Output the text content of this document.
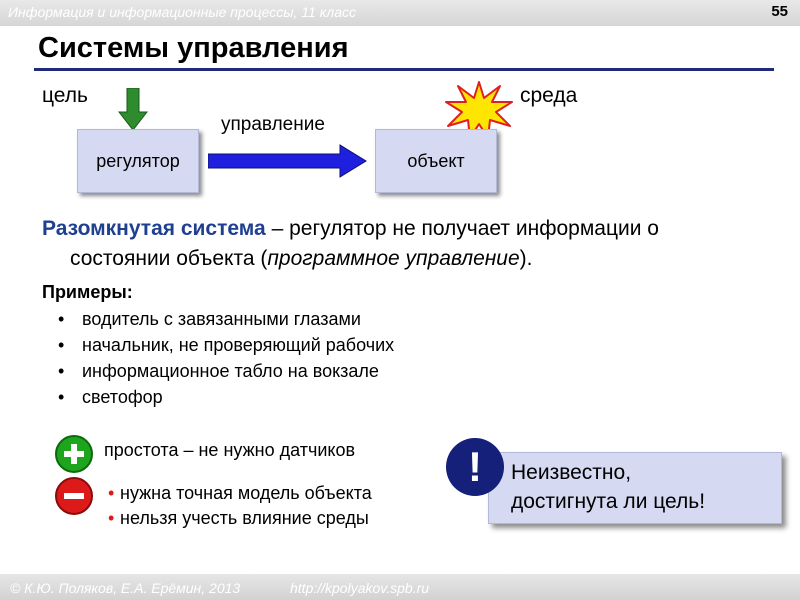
Информация и информационные процессы, 11 класс	55
Системы управления
цель	среда
регулятор
управление
объект
Разомкнутая система – регулятор не получает информации о
состоянии объекта (программное управление).
Примеры:
• водитель с завязанными глазами
• начальник, не проверяющий рабочих
• информационное табло на вокзале
• светофор
простота – не нужно датчиков
• нужна точная модель объекта
• нельзя учесть влияние среды
Неизвестно,
достигнута ли цель!
!
© К.Ю. Поляков, Е.А. Ерёмин, 2013	http://kpolyakov.spb.ru
